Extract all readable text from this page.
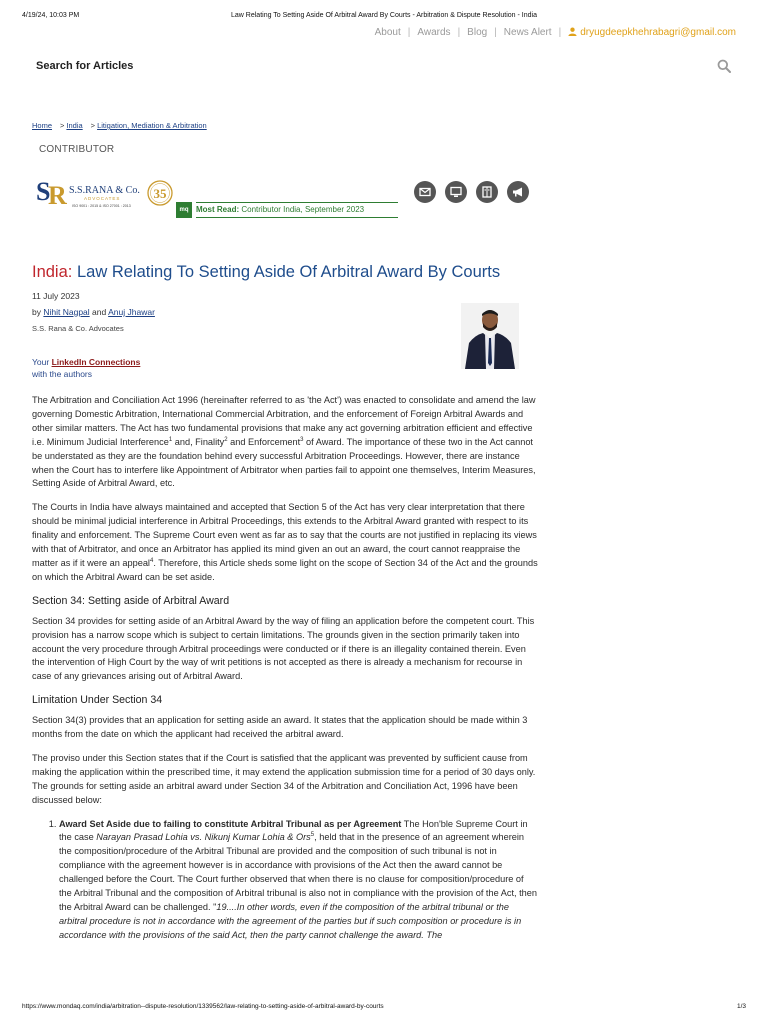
4/19/24, 10:03 PM	Law Relating To Setting Aside Of Arbitral Award By Courts - Arbitration & Dispute Resolution - India
About | Awards | Blog | News Alert | dryugdeepkhehrabagri@gmail.com
Search for Articles
Home > India > Litigation, Mediation & Arbitration
CONTRIBUTOR
S
R S.S.RANA & Co.
ADVOCATES
ISO 9001 : 2015 & ISO 27001 : 2013
35
mq Most Read: Contributor India, September 2023
India: Law Relating To Setting Aside Of Arbitral Award By Courts
11 July 2023
by Nihit Nagpal and Anuj Jhawar
S.S. Rana & Co. Advocates
Your LinkedIn Connections
with the authors

The Arbitration and Conciliation Act 1996 (hereinafter referred to as 'the Act') was enacted to consolidate and amend the law governing Domestic Arbitration, International Commercial Arbitration, and the enforcement of Foreign Arbitral Awards and other similar matters. The Act has two fundamental provisions that make any act governing arbitration efficient and effective i.e. Minimum Judicial Interference$^1$ and, Finality$^2$ and Enforcement$^3$ of Award. The importance of these two in the Act cannot be understated as they are the foundation behind every successful Arbitration Proceedings. However, there are instance when the Court has to interfere like Appointment of Arbitrator when parties fail to appoint one themselves, Interim Measures, Setting Aside of Arbitral Award, etc.

The Courts in India have always maintained and accepted that Section 5 of the Act has very clear interpretation that there should be minimal judicial interference in Arbitral Proceedings, this extends to the Arbitral Award granted with respect to its finality and enforcement. The Supreme Court even went as far as to say that the courts are not justified in replacing its views with that of Arbitrator, and once an Arbitrator has applied its mind given an out an award, the court cannot reappraise the matter as if it were an appeal$^4$. Therefore, this Article sheds some light on the scope of Section 34 of the Act and the grounds on which the Arbitral Award can be set aside.

Section 34: Setting aside of Arbitral Award

Section 34 provides for setting aside of an Arbitral Award by the way of filing an application before the competent court. This provision has a narrow scope which is subject to certain limitations. The grounds given in the section primarily taken into account the very procedure through Arbitral proceedings were conducted or if there is an illegality contained therein. Even the intervention of High Court by the way of writ petitions is not accepted as there is already a mechanism for recourse in case of any grievances arising out of Arbitral Award.

Limitation Under Section 34

Section 34(3) provides that an application for setting aside an award. It states that the application should be made within 3 months from the date on which the applicant had received the arbitral award.

The proviso under this Section states that if the Court is satisfied that the applicant was prevented by sufficient cause from making the application within the prescribed time, it may extend the application submission time for a period of 30 days only. The grounds for setting aside an arbitral award under Section 34 of the Arbitration and Conciliation Act, 1996 have been discussed below:

1. Award Set Aside due to failing to constitute Arbitral Tribunal as per Agreement The Hon'ble Supreme Court in the case Narayan Prasad Lohia vs. Nikunj Kumar Lohia & Ors$^5$, held that in the presence of an agreement wherein the composition/procedure of the Arbitral Tribunal are provided and the composition of such tribunal is not in compliance with the agreement however is in accordance with provisions of the Act then the award cannot be challenged before the Court. The Court further observed that when there is no clause for composition/procedure of the Arbitral Tribunal and the composition of Arbitral tribunal is also not in compliance with the provision of the Act, then the Arbitral Award can be challenged. "19....In other words, even if the composition of the arbitral tribunal or the arbitral procedure is not in accordance with the agreement of the parties but if such composition or procedure is in accordance with the provisions of the said Act, then the party cannot challenge the award. The
https://www.mondaq.com/india/arbitration--dispute-resolution/1339562/law-relating-to-setting-aside-of-arbitral-award-by-courts	1/3
